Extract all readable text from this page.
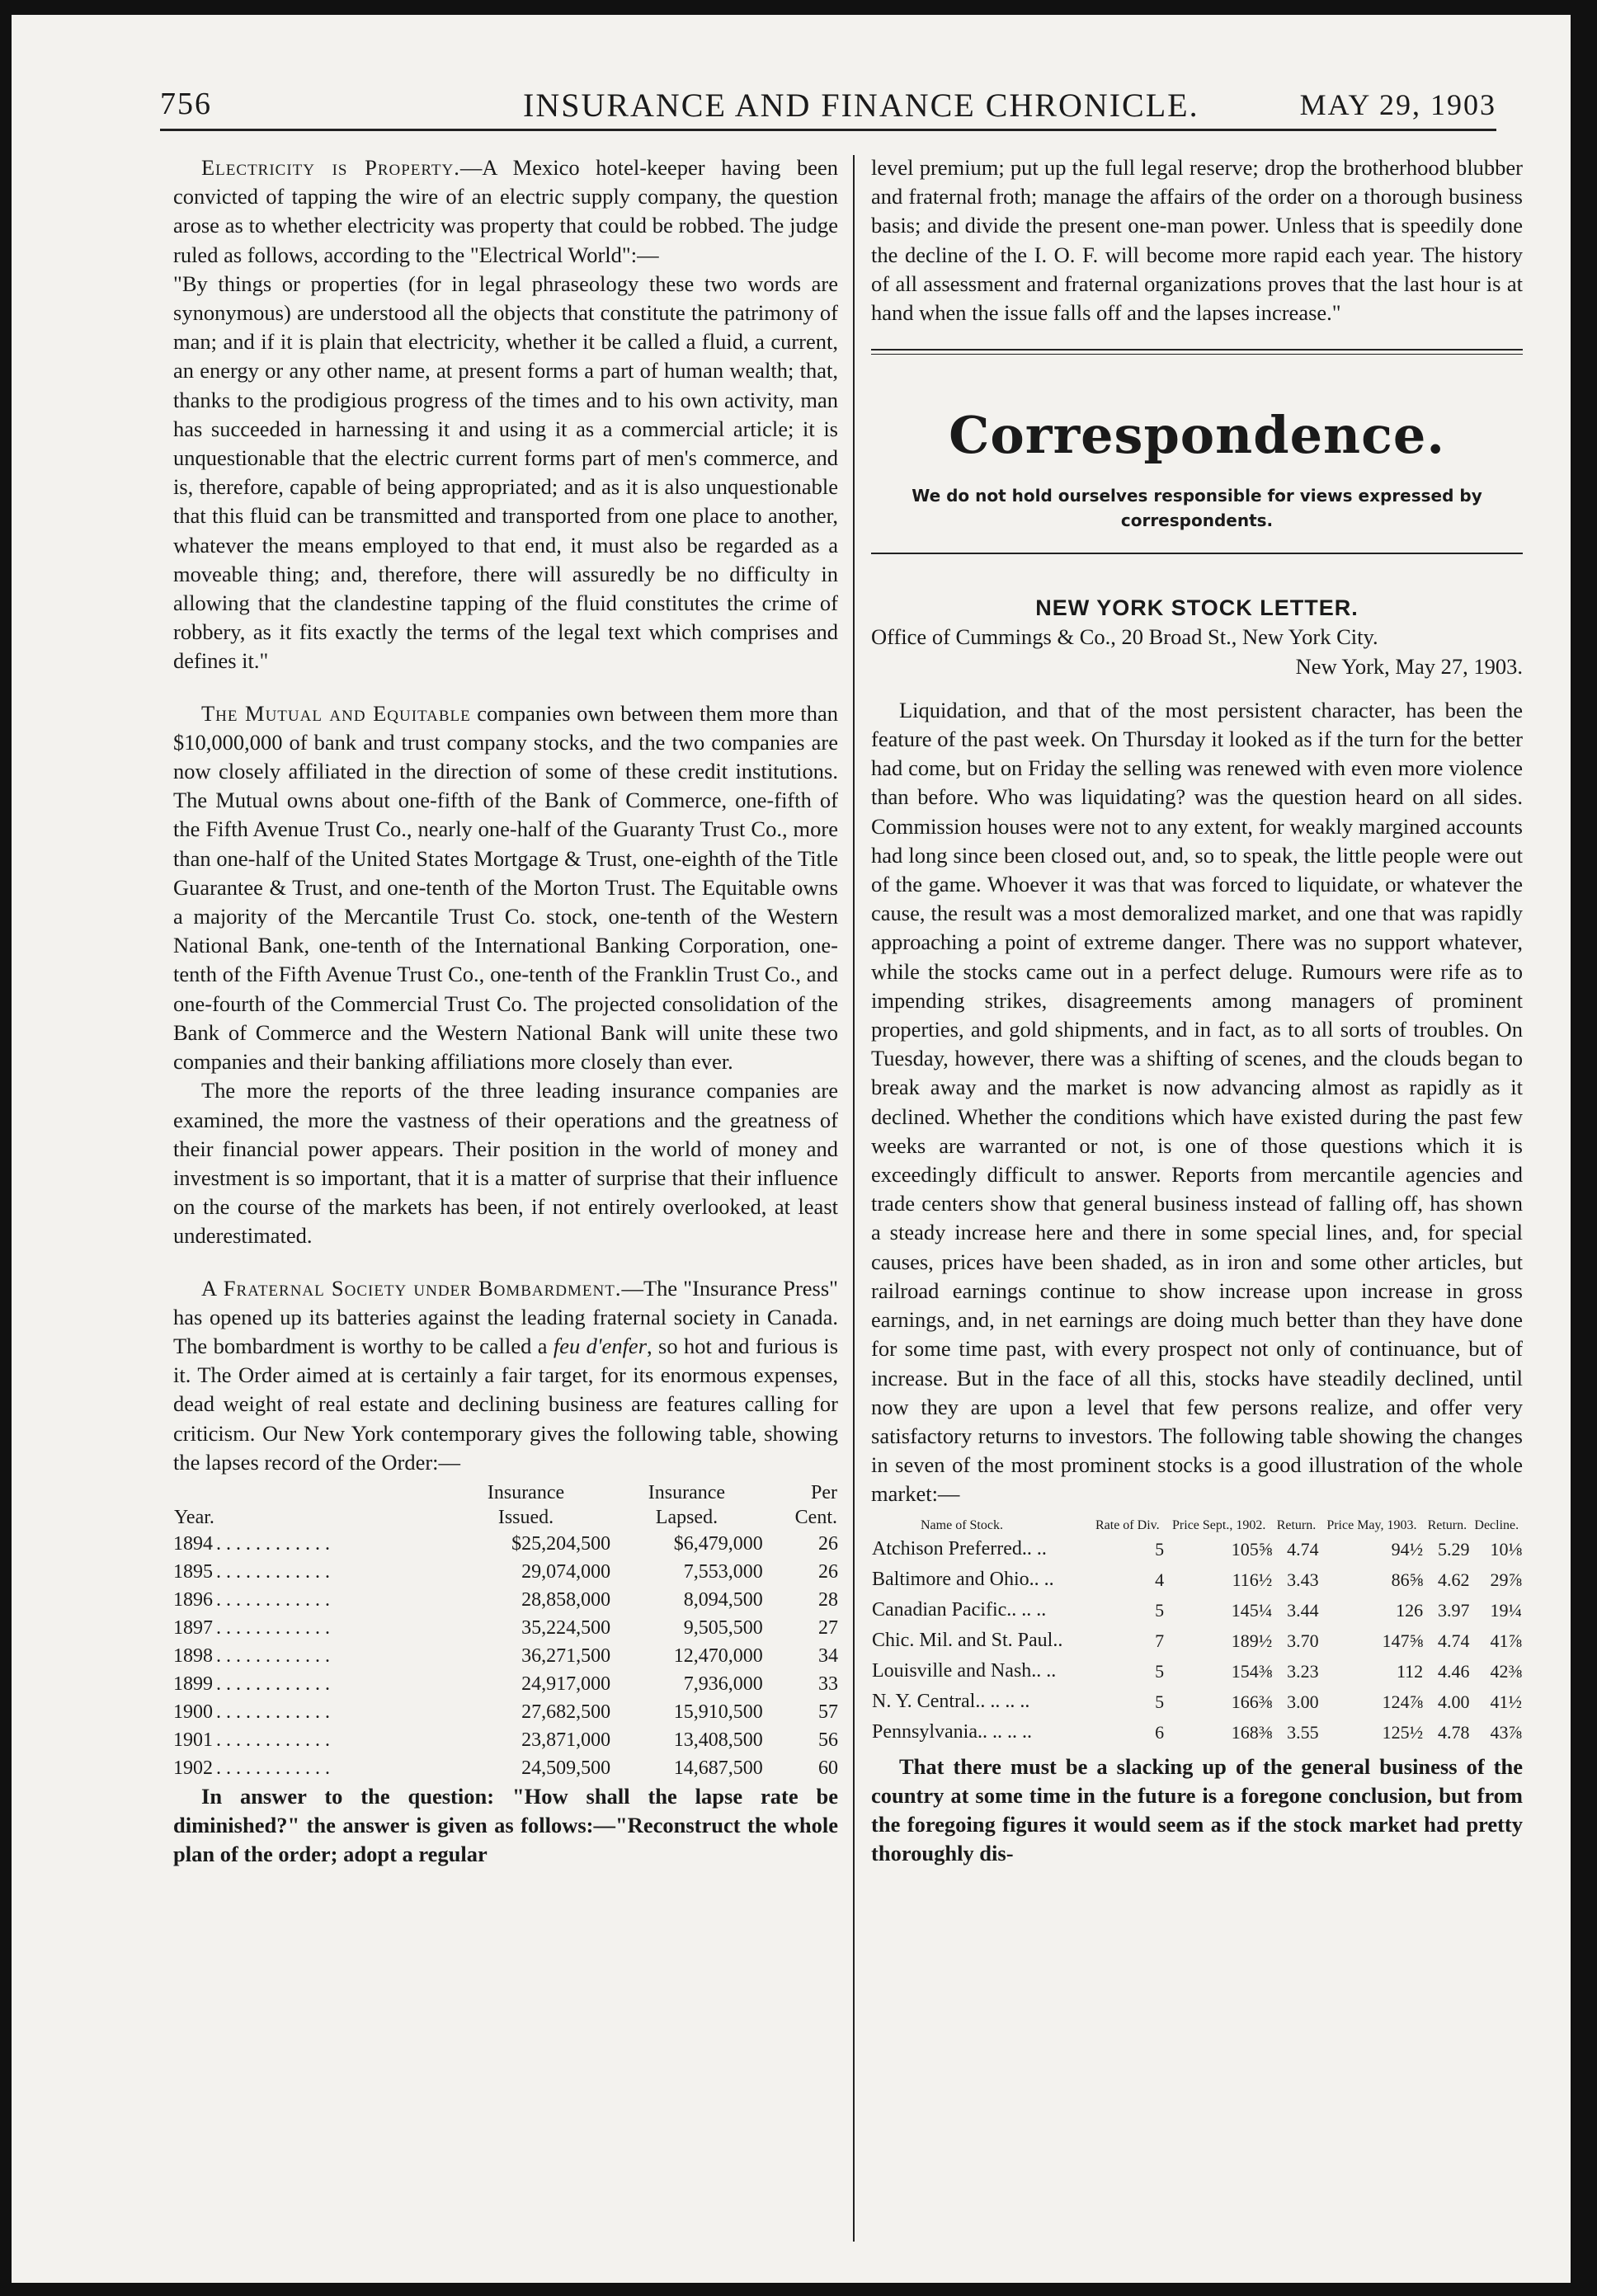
756	INSURANCE AND FINANCE CHRONICLE.	MAY 29, 1903

Electricity is Property.—A Mexico hotel-keeper having been convicted of tapping the wire of an electric supply company, the question arose as to whether electricity was property that could be robbed. The judge ruled as follows, according to the "Electrical World":—

"By things or properties (for in legal phraseology these two words are synonymous) are understood all the objects that constitute the patrimony of man; and if it is plain that electricity, whether it be called a fluid, a current, an energy or any other name, at present forms a part of human wealth; that, thanks to the prodigious progress of the times and to his own activity, man has succeeded in harnessing it and using it as a commercial article; it is unquestionable that the electric current forms part of men's commerce, and is, therefore, capable of being appropriated; and as it is also unquestionable that this fluid can be transmitted and transported from one place to another, whatever the means employed to that end, it must also be regarded as a moveable thing; and, therefore, there will assuredly be no difficulty in allowing that the clandestine tapping of the fluid constitutes the crime of robbery, as it fits exactly the terms of the legal text which comprises and defines it."

The Mutual and Equitable companies own between them more than $10,000,000 of bank and trust company stocks, and the two companies are now closely affiliated in the direction of some of these credit institutions. The Mutual owns about one-fifth of the Bank of Commerce, one-fifth of the Fifth Avenue Trust Co., nearly one-half of the Guaranty Trust Co., more than one-half of the United States Mortgage & Trust, one-eighth of the Title Guarantee & Trust, and one-tenth of the Morton Trust. The Equitable owns a majority of the Mercantile Trust Co. stock, one-tenth of the Western National Bank, one-tenth of the International Banking Corporation, one-tenth of the Fifth Avenue Trust Co., one-tenth of the Franklin Trust Co., and one-fourth of the Commercial Trust Co. The projected consolidation of the Bank of Commerce and the Western National Bank will unite these two companies and their banking affiliations more closely than ever.

The more the reports of the three leading insurance companies are examined, the more the vastness of their operations and the greatness of their financial power appears. Their position in the world of money and investment is so important, that it is a matter of surprise that their influence on the course of the markets has been, if not entirely overlooked, at least underestimated.

A Fraternal Society under Bombardment.—The "Insurance Press" has opened up its batteries against the leading fraternal society in Canada. The bombardment is worthy to be called a feu d'enfer, so hot and furious is it. The Order aimed at is certainly a fair target, for its enormous expenses, dead weight of real estate and declining business are features calling for criticism. Our New York contemporary gives the following table, showing the lapses record of the Order:—

	Insurance	Insurance	Per
Year.	Issued.	Lapsed.	Cent.
1894 . . . . . . . . . . . .	$25,204,500	$6,479,000	26
1895 . . . . . . . . . . . .	29,074,000	7,553,000	26
1896 . . . . . . . . . . . .	28,858,000	8,094,500	28
1897 . . . . . . . . . . . .	35,224,500	9,505,500	27
1898 . . . . . . . . . . . .	36,271,500	12,470,000	34
1899 . . . . . . . . . . . .	24,917,000	7,936,000	33
1900 . . . . . . . . . . . .	27,682,500	15,910,500	57
1901 . . . . . . . . . . . .	23,871,000	13,408,500	56
1902 . . . . . . . . . . . .	24,509,500	14,687,500	60

In answer to the question: "How shall the lapse rate be diminished?" the answer is given as follows:—"Reconstruct the whole plan of the order; adopt a regular

level premium; put up the full legal reserve; drop the brotherhood blubber and fraternal froth; manage the affairs of the order on a thorough business basis; and divide the present one-man power. Unless that is speedily done the decline of the I. O. F. will become more rapid each year. The history of all assessment and fraternal organizations proves that the last hour is at hand when the issue falls off and the lapses increase."

Correspondence.
We do not hold ourselves responsible for views expressed by correspondents.
NEW YORK STOCK LETTER.

Office of Cummings & Co., 20 Broad St., New York City.

New York, May 27, 1903.

Liquidation, and that of the most persistent character, has been the feature of the past week. On Thursday it looked as if the turn for the better had come, but on Friday the selling was renewed with even more violence than before. Who was liquidating? was the question heard on all sides. Commission houses were not to any extent, for weakly margined accounts had long since been closed out, and, so to speak, the little people were out of the game. Whoever it was that was forced to liquidate, or whatever the cause, the result was a most demoralized market, and one that was rapidly approaching a point of extreme danger. There was no support whatever, while the stocks came out in a perfect deluge. Rumours were rife as to impending strikes, disagreements among managers of prominent properties, and gold shipments, and in fact, as to all sorts of troubles. On Tuesday, however, there was a shifting of scenes, and the clouds began to break away and the market is now advancing almost as rapidly as it declined. Whether the conditions which have existed during the past few weeks are warranted or not, is one of those questions which it is exceedingly difficult to answer. Reports from mercantile agencies and trade centers show that general business instead of falling off, has shown a steady increase here and there in some special lines, and, for special causes, prices have been shaded, as in iron and some other articles, but railroad earnings continue to show increase upon increase in gross earnings, and, in net earnings are doing much better than they have done for some time past, with every prospect not only of continuance, but of increase. But in the face of all this, stocks have steadily declined, until now they are upon a level that few persons realize, and offer very satisfactory returns to investors. The following table showing the changes in seven of the most prominent stocks is a good illustration of the whole market:—

Name of Stock.	Rate of Div.	Price Sept., 1902.	Return.	Price May, 1903.	Return.	Decline.
Atchison Preferred.. ..	5	105⅝	4.74	94½	5.29	10⅛
Baltimore and Ohio.. ..	4	116½	3.43	86⅝	4.62	29⅞
Canadian Pacific.. .. ..	5	145¼	3.44	126	3.97	19¼
Chic. Mil. and St. Paul..	7	189½	3.70	147⅝	4.74	41⅞
Louisville and Nash.. ..	5	154⅜	3.23	112	4.46	42⅜
N. Y. Central.. .. .. ..	5	166⅜	3.00	124⅞	4.00	41½
Pennsylvania.. .. .. ..	6	168⅜	3.55	125½	4.78	43⅞

That there must be a slacking up of the general business of the country at some time in the future is a foregone conclusion, but from the foregoing figures it would seem as if the stock market had pretty thoroughly dis-
